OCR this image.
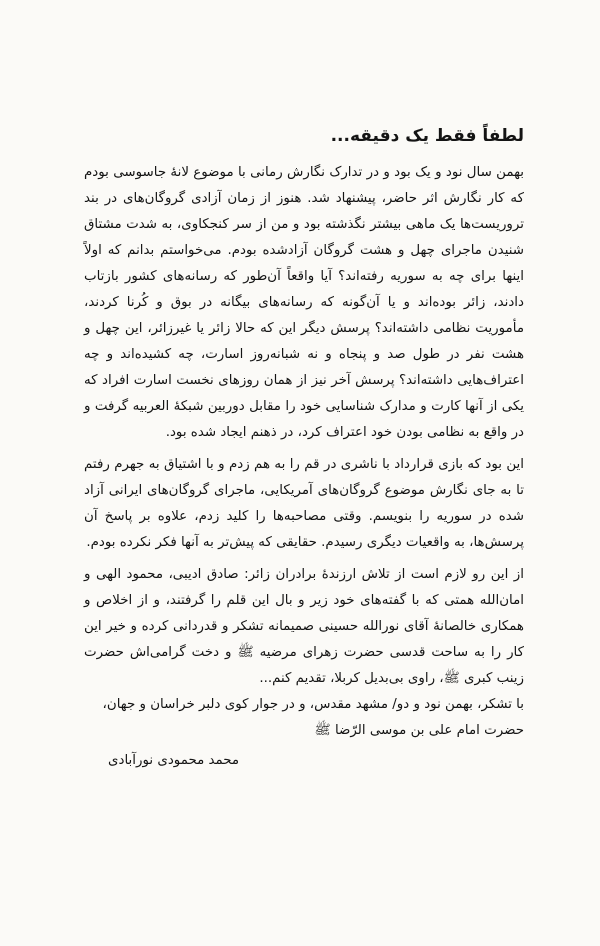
لطفاً فقط یک دقیقه...

بهمن سال نود و یک بود و در تدارک نگارش رمانی با موضوع لانهٔ جاسوسی بودم که کار نگارش اثر حاضر، پیشنهاد شد. هنوز از زمان آزادی گروگان‌های در بند تروریست‌ها یک ماهی بیشتر نگذشته بود و من از سر کنجکاوی، به شدت مشتاق شنیدن ماجرای چهل و هشت گروگان آزادشده بودم. می‌خواستم بدانم که اولاً اینها برای چه به سوریه رفته‌اند؟ آیا واقعاً آن‌طور که رسانه‌های کشور بازتاب دادند، زائر بوده‌اند و یا آن‌گونه که رسانه‌های بیگانه در بوق و کُرنا کردند، مأموریت نظامی داشته‌اند؟ پرسش دیگر این که حالا زائر یا غیرزائر، این چهل و هشت نفر در طول صد و پنجاه و نه شبانه‌روز اسارت، چه کشیده‌اند و چه اعتراف‌هایی داشته‌اند؟ پرسش آخر نیز از همان روزهای نخست اسارت افراد که یکی از آنها کارت و مدارک شناسایی خود را مقابل دوربین شبکهٔ العربیه گرفت و در واقع به نظامی بودن خود اعتراف کرد، در ذهنم ایجاد شده بود.

این بود که بازی قرارداد با ناشری در قم را به هم زدم و با اشتیاق به جهرم رفتم تا به جای نگارش موضوع گروگان‌های آمریکایی، ماجرای گروگان‌های ایرانی آزاد شده در سوریه را بنویسم. وقتی مصاحبه‌ها را کلید زدم، علاوه بر پاسخ آن پرسش‌ها، به واقعیات دیگری رسیدم. حقایقی که پیش‌تر به آنها فکر نکرده بودم.

از این رو لازم است از تلاش ارزندهٔ برادران زائر: صادق ادیبی، محمود الهی و امان‌الله همتی که با گفته‌های خود زیر و بال این قلم را گرفتند، و از اخلاص و همکاری خالصانهٔ آقای نورالله حسینی صمیمانه تشکر و قدردانی کرده و خیر این کار را به ساحت قدسی حضرت زهرای مرضیه ﷺ و دخت گرامی‌اش حضرت زینب کبری ﷺ، راوی بی‌بدیل کربلا، تقدیم کنم...

با تشکر، بهمن نود و دو/ مشهد مقدس، و در جوار کوی دلبر خراسان و جهان، حضرت امام علی بن موسی الرّضا ﷺ

محمد محمودی نورآبادی
